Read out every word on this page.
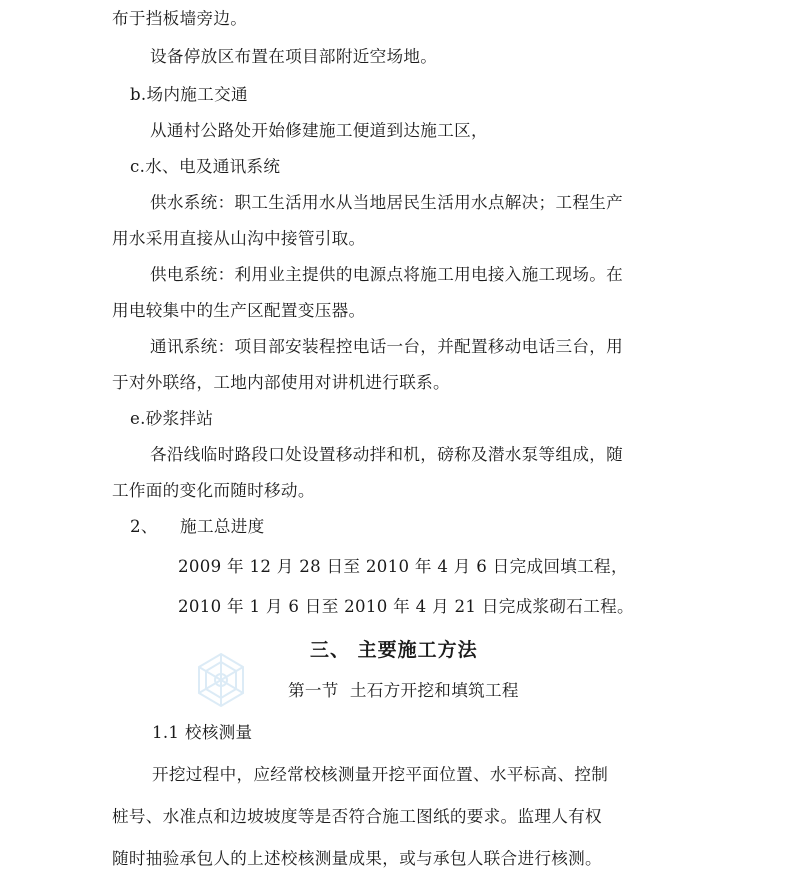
布于挡板墙旁边。
设备停放区布置在项目部附近空场地。
b.场内施工交通
从通村公路处开始修建施工便道到达施工区，
c.水、电及通讯系统
供水系统：职工生活用水从当地居民生活用水点解决；工程生产
用水采用直接从山沟中接管引取。
供电系统：利用业主提供的电源点将施工用电接入施工现场。在
用电较集中的生产区配置变压器。
通讯系统：项目部安装程控电话一台，并配置移动电话三台，用
于对外联络，工地内部使用对讲机进行联系。
e.砂浆拌站
各沿线临时路段口处设置移动拌和机，磅称及潜水泵等组成，随
工作面的变化而随时移动。
2、    施工总进度
2009 年 12 月 28 日至 2010 年 4 月 6 日完成回填工程，
2010 年 1 月 6 日至 2010 年 4 月 21 日完成浆砌石工程。
三、 主要施工方法
第一节  土石方开挖和填筑工程
1.1 校核测量
开挖过程中，应经常校核测量开挖平面位置、水平标高、控制
桩号、水准点和边坡坡度等是否符合施工图纸的要求。监理人有权
随时抽验承包人的上述校核测量成果，或与承包人联合进行核测。
